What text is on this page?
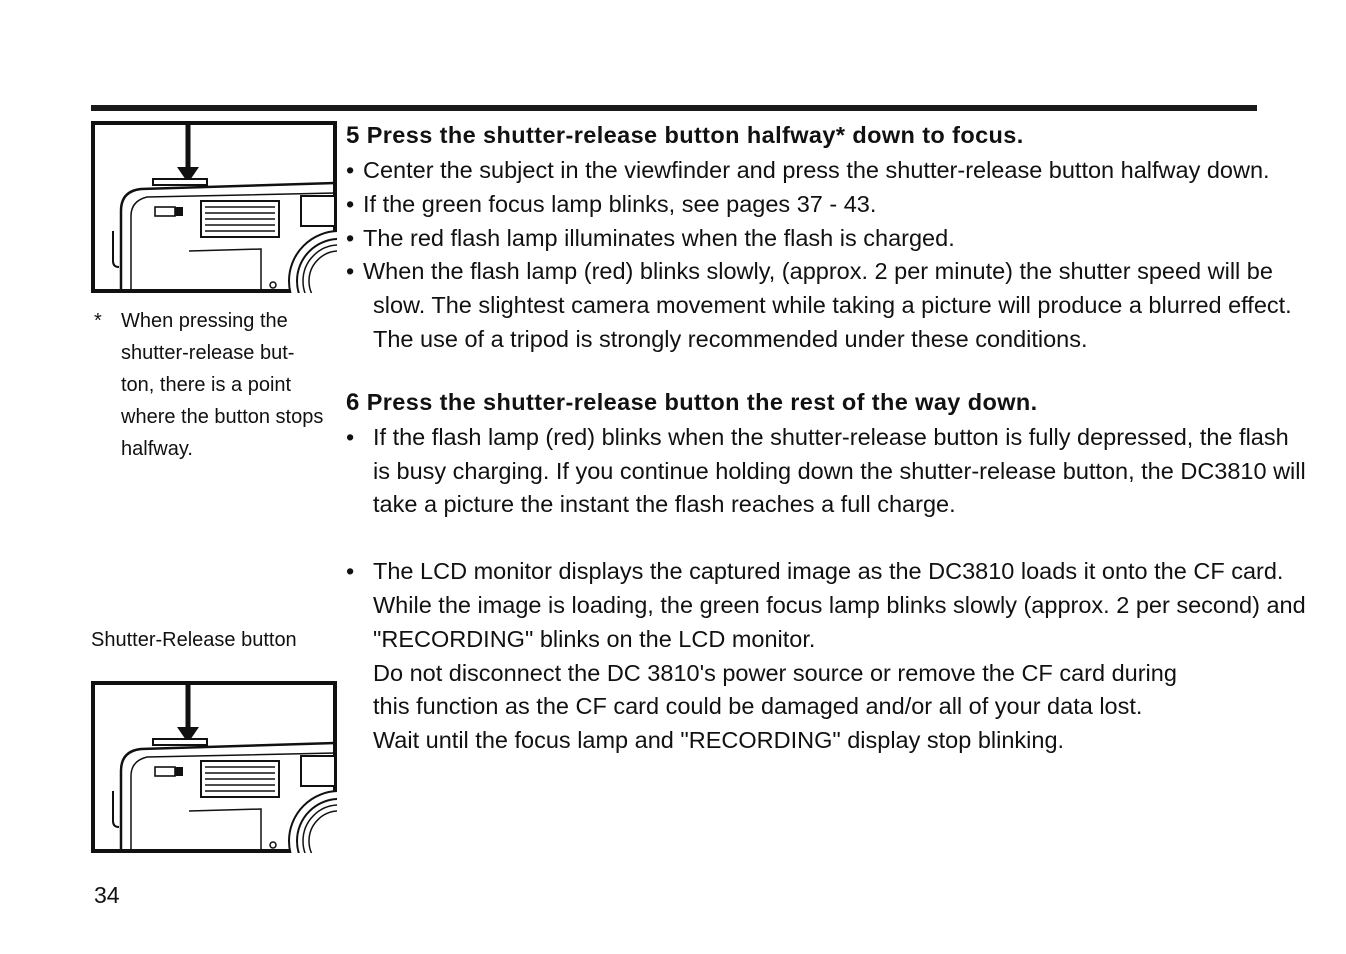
* When pressing the shutter-release but- ton, there is a point where the button stops halfway.
Shutter-Release button
5 Press the shutter-release button halfway* down to focus.
• Center the subject in the viewfinder and press the shutter-release button halfway down.
• If the green focus lamp blinks, see pages 37 - 43.
• The red flash lamp illuminates when the flash is charged.
• When the flash lamp (red) blinks slowly, (approx. 2 per minute) the shutter speed will be slow. The slightest camera movement while taking a picture will produce a blurred effect. The use of a tripod is strongly recommended under these conditions.
6 Press the shutter-release button the rest of the way down.
• If the flash lamp (red) blinks when the shutter-release button is fully depressed, the flash is busy charging. If you continue holding down the shutter-release button, the DC3810 will take a picture the instant the flash reaches a full charge.
• The LCD monitor displays the captured image as the DC3810 loads it onto the CF card. While the image is loading, the green focus lamp blinks slowly (approx. 2 per second) and "RECORDING" blinks on the LCD monitor.
Do not disconnect the DC 3810's power source or remove the CF card during
this function as the CF card could be damaged and/or all of your data lost.
Wait until the focus lamp and "RECORDING" display stop blinking.
34
